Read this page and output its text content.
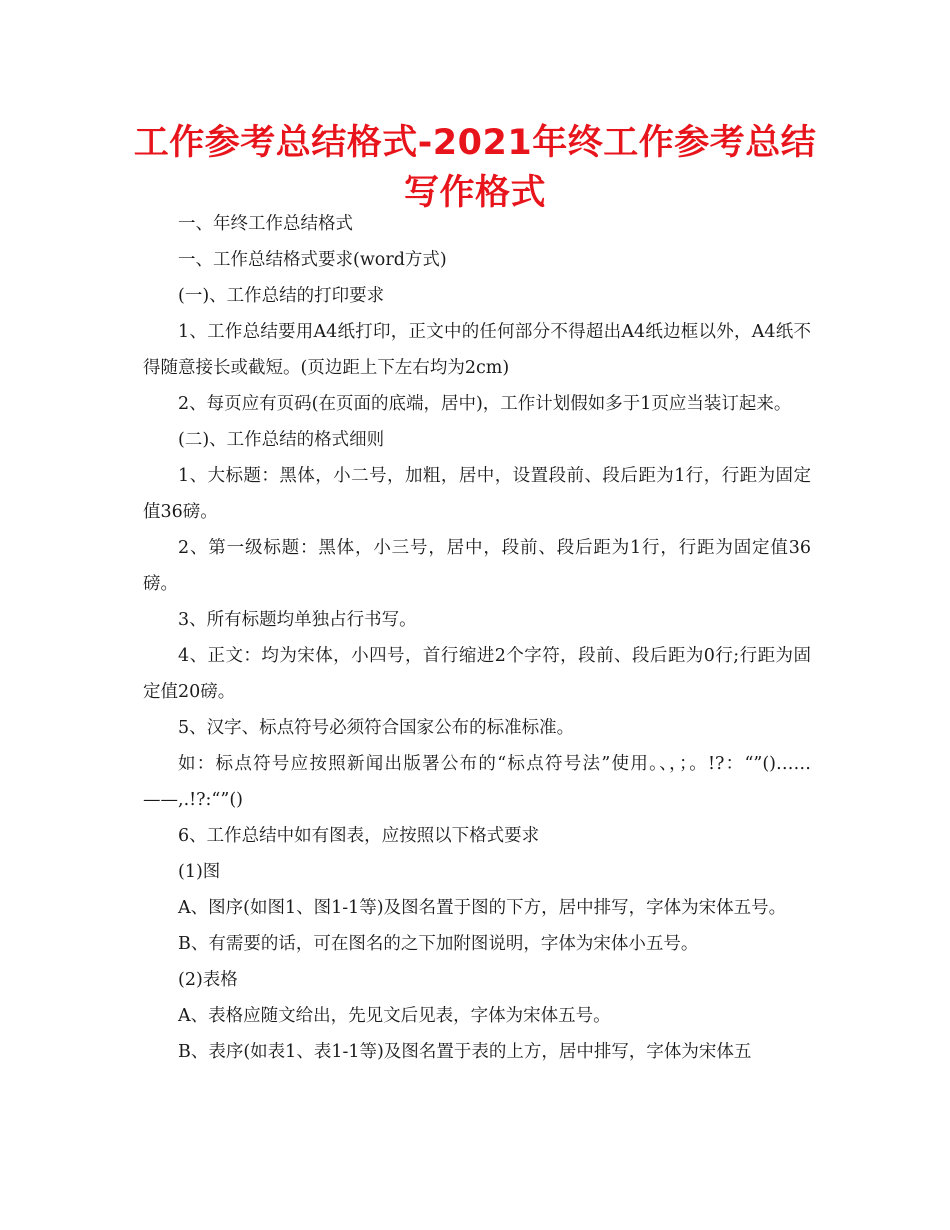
工作参考总结格式-2021年终工作参考总结写作格式

一、年终工作总结格式

一、工作总结格式要求(word方式)

(一)、工作总结的打印要求

1、工作总结要用A4纸打印，正文中的任何部分不得超出A4纸边框以外，A4纸不得随意接长或截短。(页边距上下左右均为2cm)

2、每页应有页码(在页面的底端，居中)，工作计划假如多于1页应当装订起来。

(二)、工作总结的格式细则

1、大标题：黑体，小二号，加粗，居中，设置段前、段后距为1行，行距为固定值36磅。

2、第一级标题：黑体，小三号，居中，段前、段后距为1行，行距为固定值36磅。

3、所有标题均单独占行书写。

4、正文：均为宋体，小四号，首行缩进2个字符，段前、段后距为0行;行距为固定值20磅。

5、汉字、标点符号必须符合国家公布的标准标准。

如：标点符号应按照新闻出版署公布的“标点符号法”使用。、，；。!?：“”()……——,.!?:“”()

6、工作总结中如有图表，应按照以下格式要求

(1)图

A、图序(如图1、图1-1等)及图名置于图的下方，居中排写，字体为宋体五号。

B、有需要的话，可在图名的之下加附图说明，字体为宋体小五号。

(2)表格

A、表格应随文给出，先见文后见表，字体为宋体五号。

B、表序(如表1、表1-1等)及图名置于表的上方，居中排写，字体为宋体五
